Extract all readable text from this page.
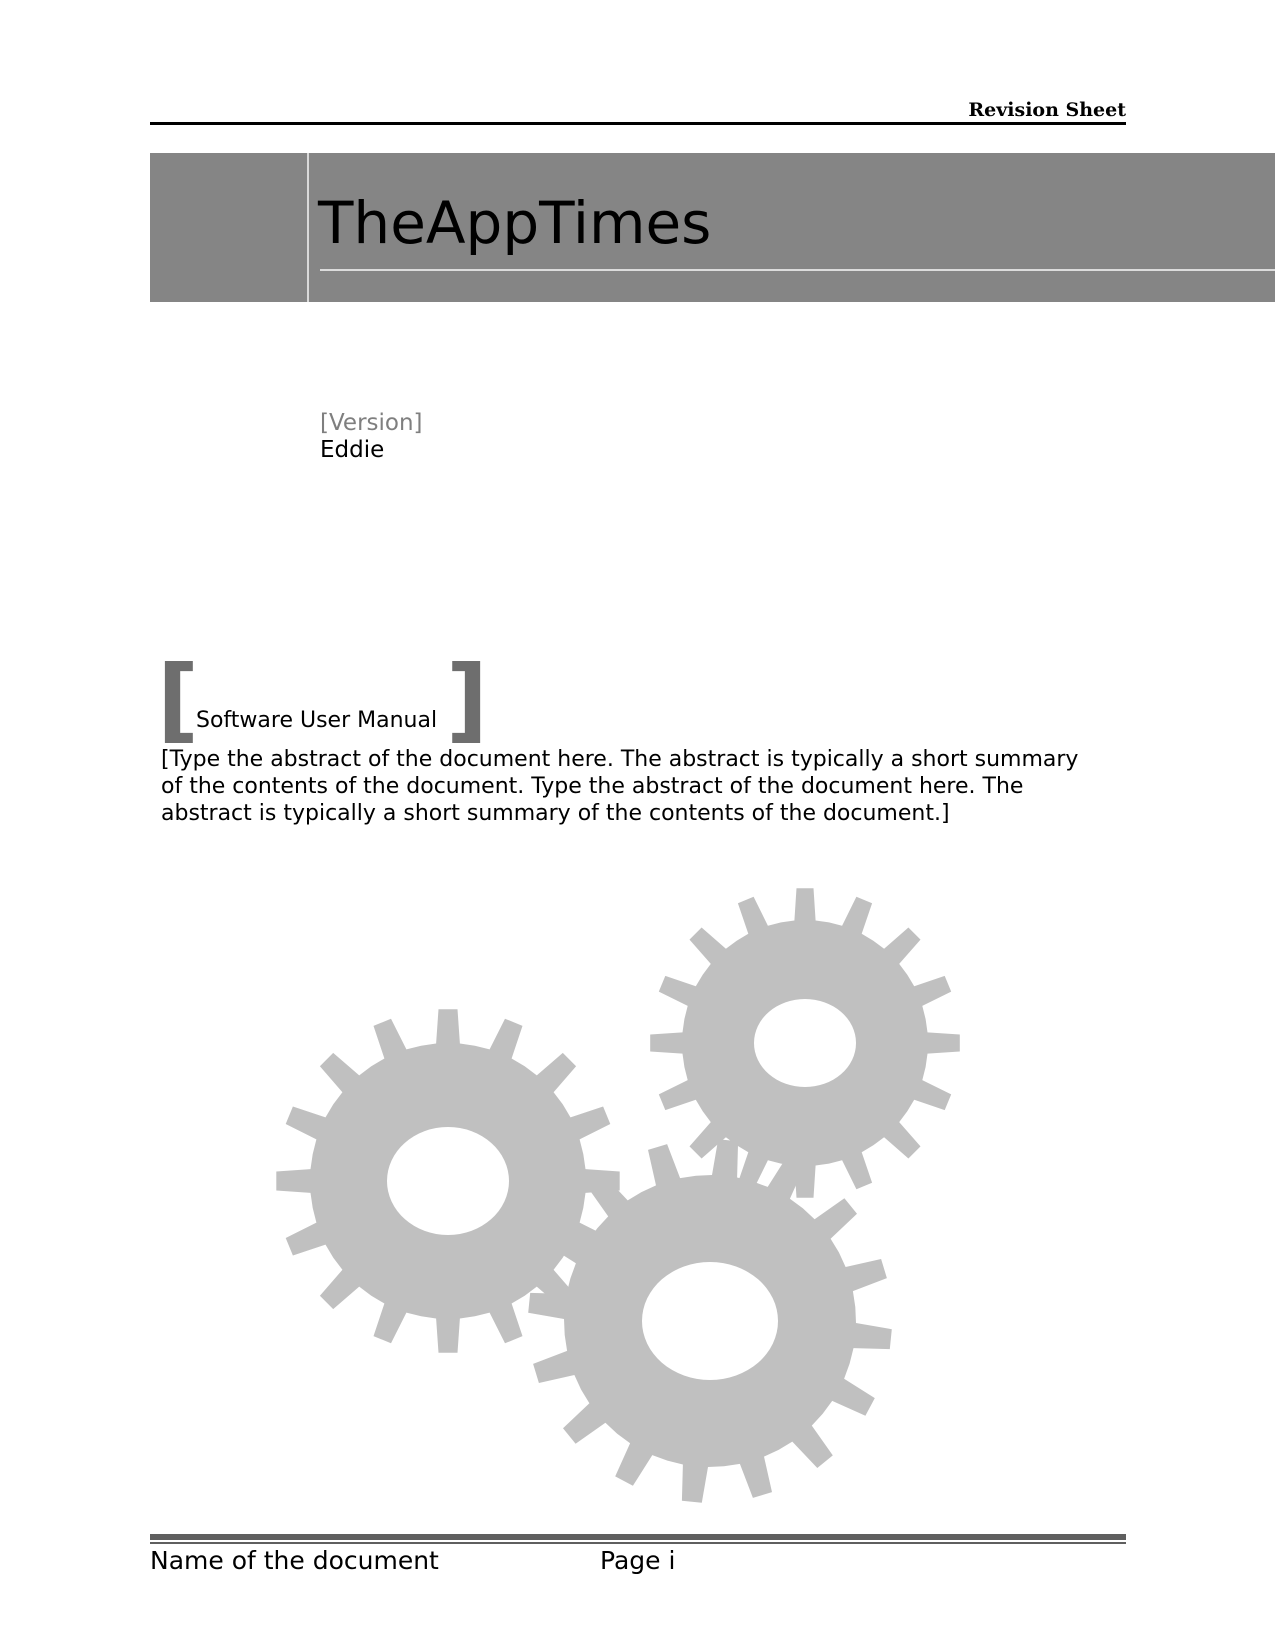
Revision Sheet
TheAppTimes
[Version]
Eddie
[
Software User Manual ]
[Type the abstract of the document here. The abstract is typically a short summary of the contents of the document. Type the abstract of the document here. The abstract is typically a short summary of the contents of the document.]
Name of the document	Page i
